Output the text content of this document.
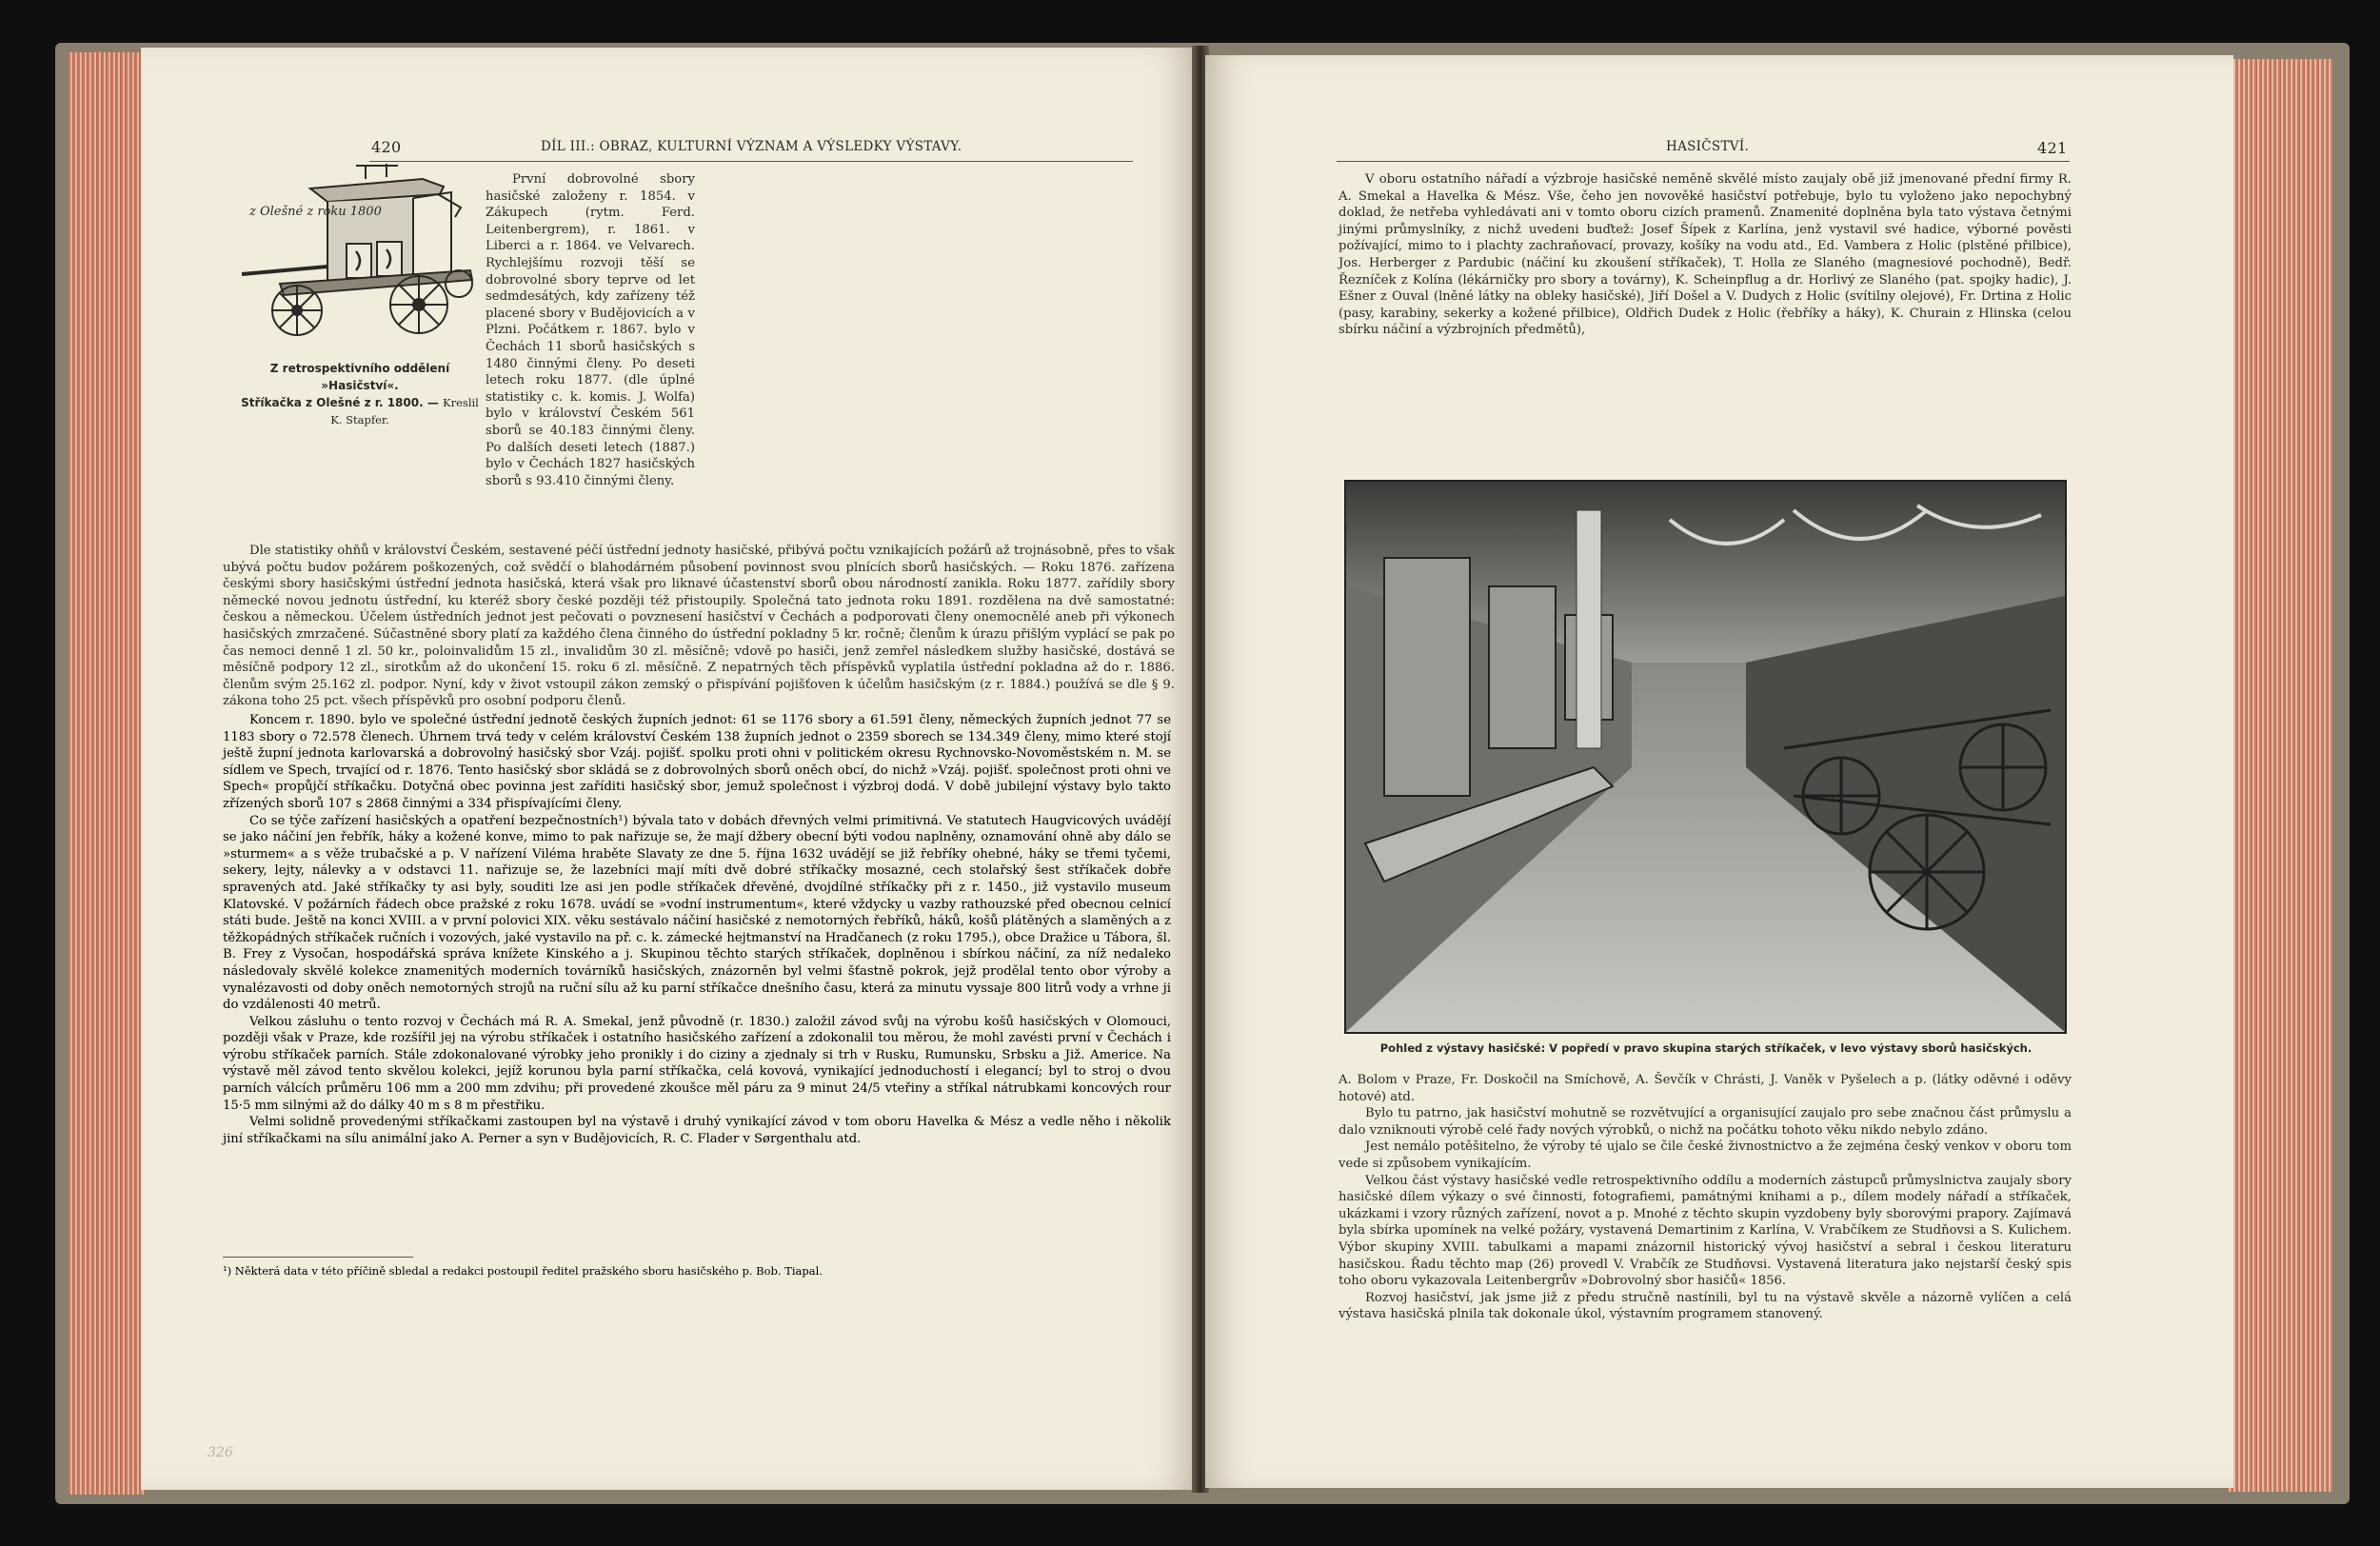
420	DÍL III.: OBRAZ, KULTURNÍ VÝZNAM A VÝSLEDKY VÝSTAVY.
z Olešné z roku 1800
Z retrospektivního oddělení »Hasičství«.
Stříkačka z Olešné z r. 1800. — Kreslil K. Stapfer.

První dobrovolné sbory hasičské založeny r. 1854. v Zákupech (rytm. Ferd. Leitenbergrem), r. 1861. v Liberci a r. 1864. ve Velvarech. Rychlejšímu rozvoji těší se dobrovolné sbory teprve od let sedmdesátých, kdy zařízeny též placené sbory v Budějovicích a v Plzni. Počátkem r. 1867. bylo v Čechách 11 sborů hasičských s 1480 činnými členy. Po deseti letech roku 1877. (dle úplné statistiky c. k. komis. J. Wolfa) bylo v království Českém 561 sborů se 40.183 činnými členy. Po dalších deseti letech (1887.) bylo v Čechách 1827 hasičských sborů s 93.410 činnými členy.

Dle statistiky ohňů v království Českém, sestavené péčí ústřední jednoty hasičské, přibývá počtu vznikajících požárů až trojnásobně, přes to však ubývá počtu budov požárem poškozených, což svědčí o blahodárném působení povinnost svou plnících sborů hasičských. — Roku 1876. zařízena českými sbory hasičskými ústřední jednota hasičská, která však pro liknavé účastenství sborů obou národností zanikla. Roku 1877. zařídily sbory německé novou jednotu ústřední, ku kteréž sbory české později též přistoupily. Společná tato jednota roku 1891. rozdělena na dvě samostatné: českou a německou. Účelem ústředních jednot jest pečovati o povznesení hasičství v Čechách a podporovati členy onemocnělé aneb při výkonech hasičských zmrzačené. Súčastněné sbory platí za každého člena činného do ústřední pokladny 5 kr. ročně; členům k úrazu přišlým vyplácí se pak po čas nemoci denně 1 zl. 50 kr., poloinvalidům 15 zl., invalidům 30 zl. měsíčně; vdově po hasiči, jenž zemřel následkem služby hasičské, dostává se měsíčně podpory 12 zl., sirotkům až do ukončení 15. roku 6 zl. měsíčně. Z nepatrných těch příspěvků vyplatila ústřední pokladna až do r. 1886. členům svým 25.162 zl. podpor. Nyní, kdy v život vstoupil zákon zemský o přispívání pojišťoven k účelům hasičským (z r. 1884.) používá se dle § 9. zákona toho 25 pct. všech příspěvků pro osobní podporu členů.

HASIČSTVÍ.	421

V oboru ostatního nářadí a výzbroje hasičské neměně skvělé místo zaujaly obě již jmenované přední firmy R. A. Smekal a Havelka & Mész. Vše, čeho jen novověké hasičství potřebuje, bylo tu vyloženo jako nepochybný doklad, že netřeba vyhledávati ani v tomto oboru cizích pramenů. Znamenité doplněna byla tato výstava četnými jinými průmyslníky, z nichž uvedeni buďtež: Josef Šípek z Karlína, jenž vystavil své hadice, výborné pověsti požívající, mimo to i plachty zachraňovací, provazy, košíky na vodu atd., Ed. Vambera z Holic (plstěné přilbice), Jos. Herberger z Pardubic (náčiní ku zkoušení stříkaček), T. Holla ze Slaného (magnesiové pochodně), Bedř. Řezníček z Kolína (lékárničky pro sbory a továrny), K. Scheinpflug a dr. Horlivý ze Slaného (pat. spojky hadic), J. Ešner z Ouval (lněné látky na obleky hasičské), Jiří Došel a V. Dudych z Holic (svítilny olejové), Fr. Drtina z Holic (pasy, karabiny, sekerky a kožené přilbice), Oldřich Dudek z Holic (řebříky a háky), K. Churain z Hlinska (celou sbírku náčiní a výzbrojních předmětů),

Pohled z výstavy hasičské: V popředí v pravo skupina starých stříkaček, v levo výstavy sborů hasičských.

A. Bolom v Praze, Fr. Doskočil na Smíchově, A. Ševčík v Chrásti, J. Vaněk v Pyšelech a p. (látky oděvné i oděvy hotové) atd.

Bylo tu patrno, jak hasičství mohutně se rozvětvující a organisující zaujalo pro sebe značnou část průmyslu a dalo vzniknouti výrobě celé řady nových výrobků, o nichž na počátku tohoto věku nikdo nebylo zdáno.

Jest nemálo potěšitelno, že výroby té ujalo se čile české živnostnictvo a že zejména český venkov v oboru tom vede si způsobem vynikajícím.

Velkou část výstavy hasičské vedle retrospektivního oddílu a moderních zástupců průmyslnictva zaujaly sbory hasičské dílem výkazy o své činnosti, fotografiemi, památnými knihami a p., dílem modely nářadí a stříkaček, ukázkami i vzory různých zařízení, novot a p. Mnohé z těchto skupin vyzdobeny byly sborovými prapory. Zajímavá byla sbírka upomínek na velké požáry, vystavená Demartinim z Karlína, V. Vrabčíkem ze Studňovsi a S. Kulichem. Výbor skupiny XVIII. tabulkami a mapami znázornil historický vývoj hasičství a sebral i českou literaturu hasičskou. Řadu těchto map (26) provedl V. Vrabčík ze Studňovsi. Vystavená literatura jako nejstarší český spis toho oboru vykazovala Leitenbergrův »Dobrovolný sbor hasičů« 1856.

Rozvoj hasičství, jak jsme již z předu stručně nastínili, byl tu na výstavě skvěle a názorně vylíčen a celá výstava hasičská plnila tak dokonale úkol, výstavním programem stanovený.

Koncem r. 1890. bylo ve společné ústřední jednotě českých župních jednot: 61 se 1176 sbory a 61.591 členy, německých župních jednot 77 se 1183 sbory o 72.578 členech. Úhrnem trvá tedy v celém království Českém 138 župních jednot o 2359 sborech se 134.349 členy, mimo které stojí ještě župní jednota karlovarská a dobrovolný hasičský sbor Vzáj. pojišť. spolku proti ohni v politickém okresu Rychnovsko-Novoměstském n. M. se sídlem ve Spech, trvající od r. 1876. Tento hasičský sbor skládá se z dobrovolných sborů oněch obcí, do nichž »Vzáj. pojišť. společnost proti ohni ve Spech« propůjčí stříkačku. Dotyčná obec povinna jest zaříditi hasičský sbor, jemuž společnost i výzbroj dodá. V době jubilejní výstavy bylo takto zřízených sborů 107 s 2868 činnými a 334 přispívajícími členy.

Co se týče zařízení hasičských a opatření bezpečnostních¹) bývala tato v dobách dřevných velmi primitivná. Ve statutech Haugvicových uvádějí se jako náčiní jen řebřík, háky a kožené konve, mimo to pak nařizuje se, že mají džbery obecní býti vodou naplněny, oznamování ohně aby dálo se »sturmem« a s věže trubačské a p. V nařízení Viléma hraběte Slavaty ze dne 5. října 1632 uvádějí se již řebříky ohebné, háky se třemi tyčemi, sekery, lejty, nálevky a v odstavci 11. nařizuje se, že lazebníci mají míti dvě dobré stříkačky mosazné, cech stolařský šest stříkaček dobře spravených atd. Jaké stříkačky ty asi byly, souditi lze asi jen podle stříkaček dřevěné, dvojdílné stříkačky při z r. 1450., již vystavilo museum Klatovské. V požárních řádech obce pražské z roku 1678. uvádí se »vodní instrumentum«, které vždycky u vazby rathouzské před obecnou celnicí státi bude. Ještě na konci XVIII. a v první polovici XIX. věku sestávalo náčiní hasičské z nemotorných řebříků, háků, košů plátěných a slaměných a z těžkopádných stříkaček ručních i vozových, jaké vystavilo na př. c. k. zámecké hejtmanství na Hradčanech (z roku 1795.), obce Dražice u Tábora, šl. B. Frey z Vysočan, hospodářská správa knížete Kinského a j. Skupinou těchto starých stříkaček, doplněnou i sbírkou náčiní, za níž nedaleko následovaly skvělé kolekce znamenitých moderních továrníků hasičských, znázorněn byl velmi šťastně pokrok, jejž prodělal tento obor výroby a vynalézavosti od doby oněch nemotorných strojů na ruční sílu až ku parní stříkačce dnešního času, která za minutu vyssaje 800 litrů vody a vrhne ji do vzdálenosti 40 metrů.

Velkou zásluhu o tento rozvoj v Čechách má R. A. Smekal, jenž původně (r. 1830.) založil závod svůj na výrobu košů hasičských v Olomouci, později však v Praze, kde rozšířil jej na výrobu stříkaček i ostatního hasičského zařízení a zdokonalil tou měrou, že mohl zavésti první v Čechách i výrobu stříkaček parních. Stále zdokonalované výrobky jeho pronikly i do ciziny a zjednaly si trh v Rusku, Rumunsku, Srbsku a Již. Americe. Na výstavě měl závod tento skvělou kolekci, jejíž korunou byla parní stříkačka, celá kovová, vynikající jednoduchostí i elegancí; byl to stroj o dvou parních válcích průměru 106 mm a 200 mm zdvihu; při provedené zkoušce měl páru za 9 minut 24/5 vteřiny a stříkal nátrubkami koncových rour 15·5 mm silnými až do dálky 40 m s 8 m přestřiku.

Velmi solidně provedenými stříkačkami zastoupen byl na výstavě i druhý vynikající závod v tom oboru Havelka & Mész a vedle něho i několik jiní stříkačkami na sílu animální jako A. Perner a syn v Budějovicích, R. C. Flader v Sørgenthalu atd.

¹) Některá data v této příčině sbledal a redakci postoupil ředitel pražského sboru hasičského p. Bob. Tiapal.
326
